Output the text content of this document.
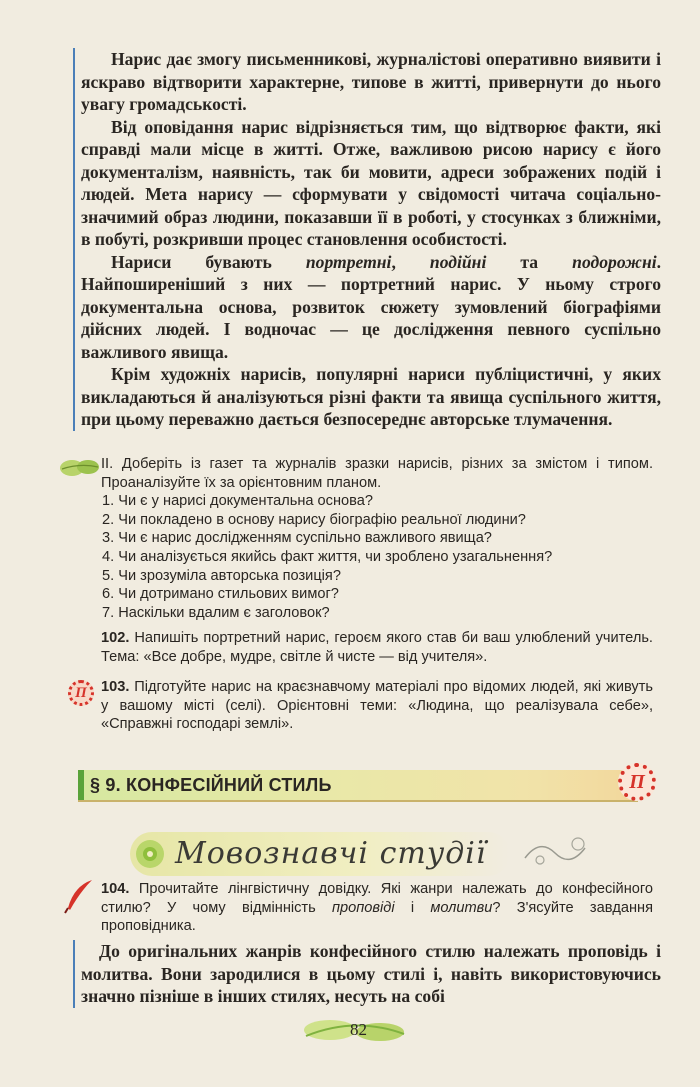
Нарис дає змогу письменникові, журналістові оперативно виявити і яскраво відтворити характерне, типове в житті, привернути до нього увагу громадськості.

Від оповідання нарис відрізняється тим, що відтворює факти, які справді мали місце в житті. Отже, важливою рисою нарису є його документалізм, наявність, так би мовити, адреси зображених подій і людей. Мета нарису — сформувати у свідомості читача соціально-значимий образ людини, показавши її в роботі, у стосунках з ближніми, в побуті, розкривши процес становлення особистості.

Нариси бувають портретні, подійні та подорожні. Найпоширеніший з них — портретний нарис. У ньому строго документальна основа, розвиток сюжету зумовлений біографіями дійсних людей. І водночас — це дослідження певного суспільно важливого явища.

Крім художніх нарисів, популярні нариси публіцистичні, у яких викладаються й аналізуються різні факти та явища суспільного життя, при цьому переважно дається безпосереднє авторське тлумачення.

ІІ. Доберіть із газет та журналів зразки нарисів, різних за змістом і типом. Проаналізуйте їх за орієнтовним планом.
1. Чи є у нарисі документальна основа?
2. Чи покладено в основу нарису біографію реальної людини?
3. Чи є нарис дослідженням суспільно важливого явища?
4. Чи аналізується якийсь факт життя, чи зроблено узагальнення?
5. Чи зрозуміла авторська позиція?
6. Чи дотримано стильових вимог?
7. Наскільки вдалим є заголовок?
102. Напишіть портретний нарис, героєм якого став би ваш улюблений учитель. Тема: «Все добре, мудре, світле й чисте — від учителя».
П 103. Підготуйте нарис на краєзнавчому матеріалі про відомих людей, які живуть у вашому місті (селі). Орієнтовні теми: «Людина, що реалізувала себе», «Справжні господарі землі».
§ 9. КОНФЕСІЙНИЙ СТИЛЬ	П
Мовознавчі студії
104. Прочитайте лінгвістичну довідку. Які жанри належать до конфесійного стилю? У чому відмінність проповіді і молитви? З'ясуйте завдання проповідника.

До оригінальних жанрів конфесійного стилю належать проповідь і молитва. Вони зародилися в цьому стилі і, навіть використовуючись значно пізніше в інших стилях, несуть на собі

82
